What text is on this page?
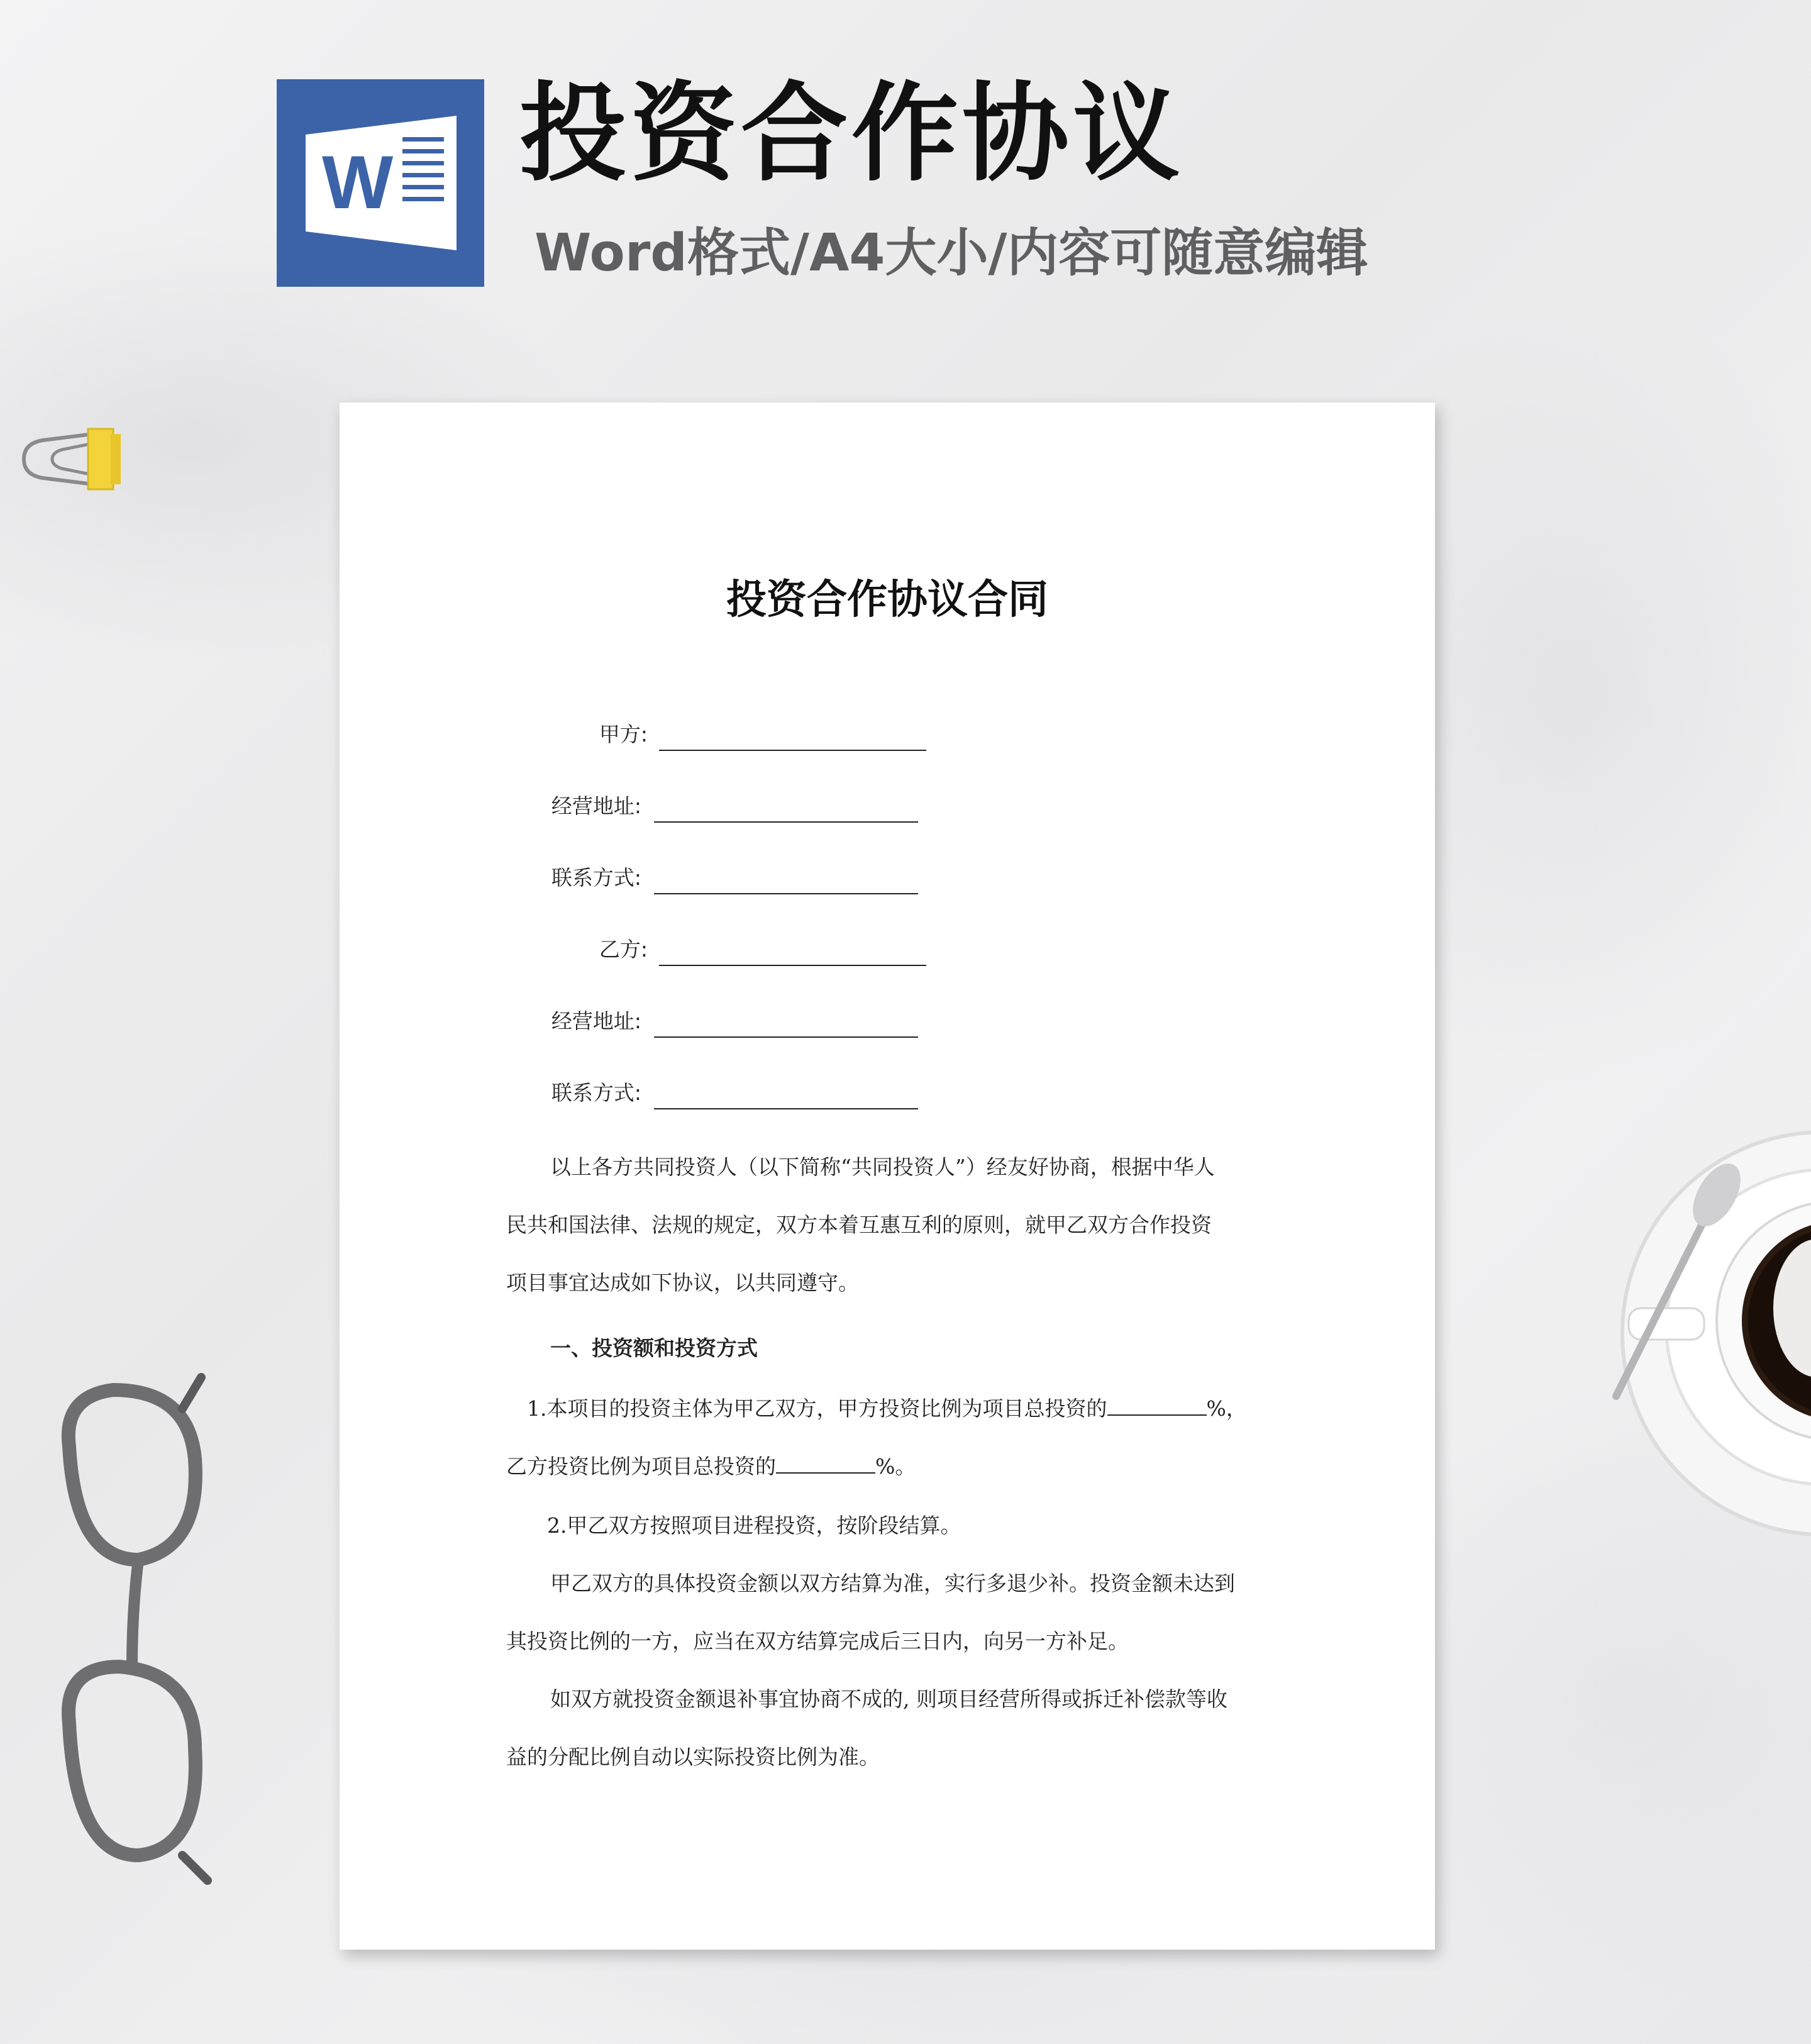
W 投资合作协议
Word格式/A4大小/内容可随意编辑
投资合作协议合同
甲方:
经营地址:
联系方式:
乙方:
经营地址:
联系方式:
以上各方共同投资人（以下简称“共同投资人”）经友好协商，根据中华人
民共和国法律、法规的规定，双方本着互惠互利的原则，就甲乙双方合作投资
项目事宜达成如下协议，以共同遵守。
一、投资额和投资方式
1.本项目的投资主体为甲乙双方，甲方投资比例为项目总投资的	%，
乙方投资比例为项目总投资的	%。
2.甲乙双方按照项目进程投资，按阶段结算。
甲乙双方的具体投资金额以双方结算为准，实行多退少补。投资金额未达到
其投资比例的一方，应当在双方结算完成后三日内，向另一方补足。
如双方就投资金额退补事宜协商不成的, 则项目经营所得或拆迁补偿款等收
益的分配比例自动以实际投资比例为准。
